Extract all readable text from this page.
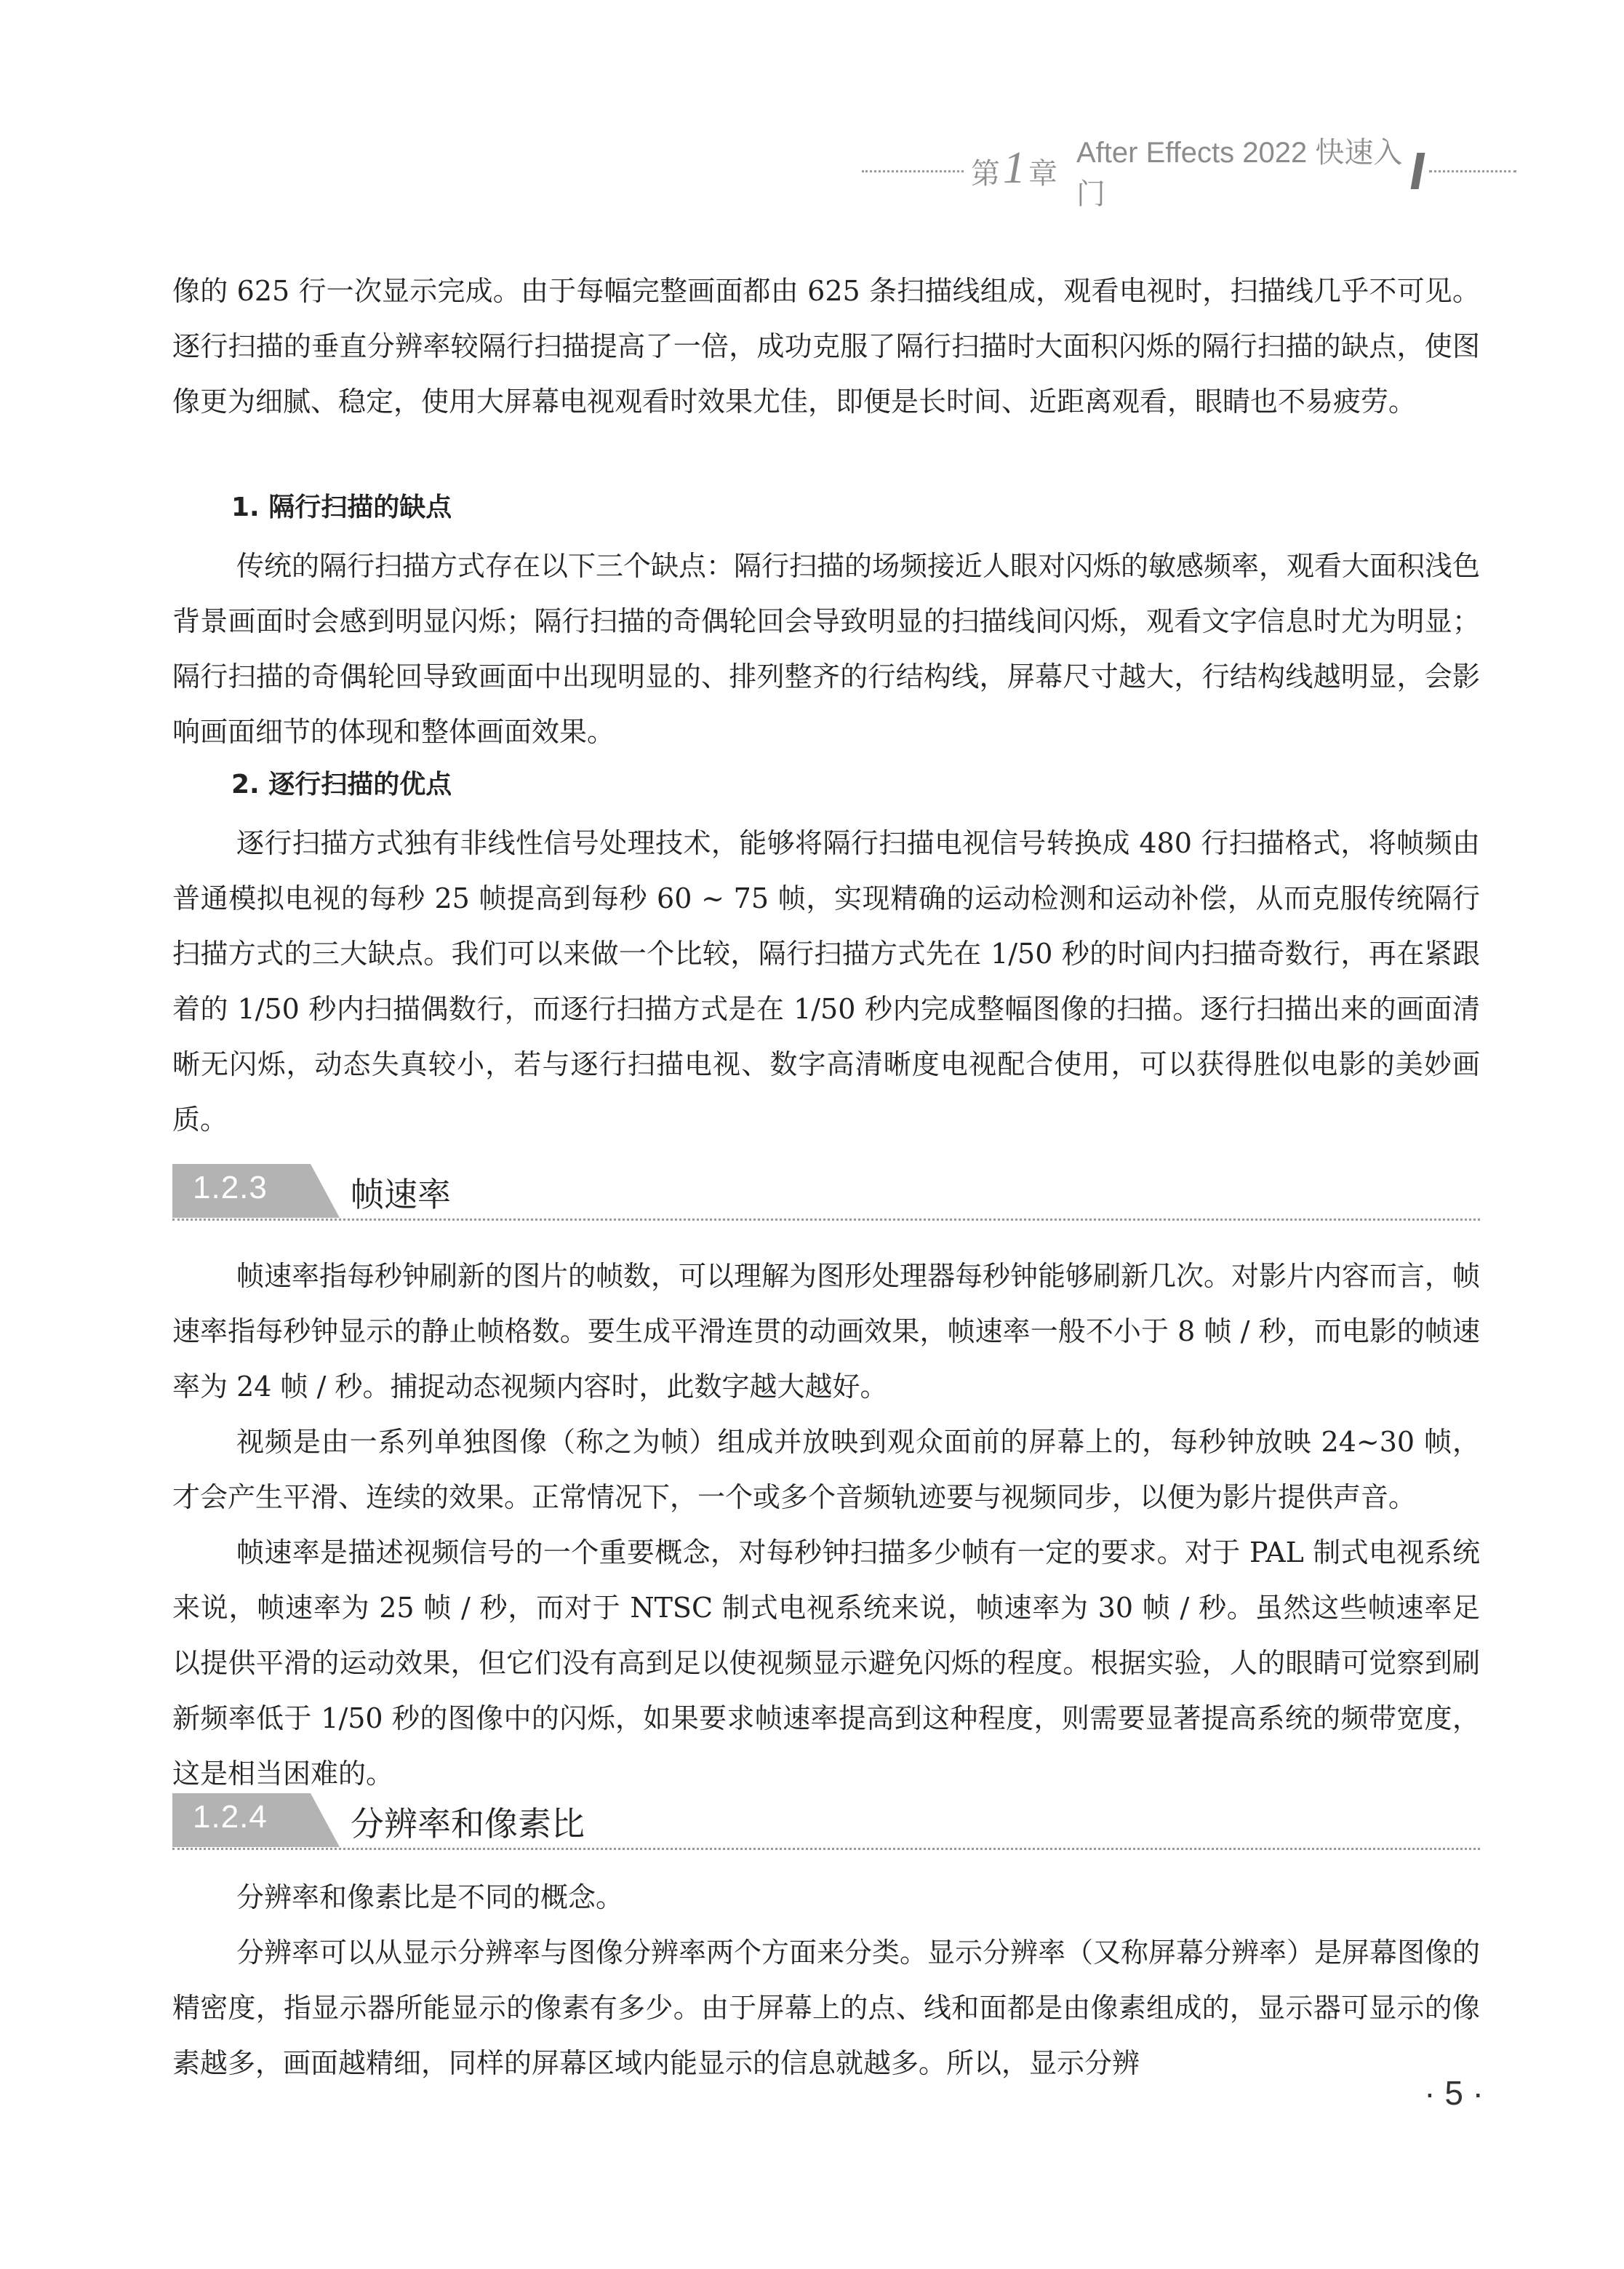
第 1 章
After Effects 2022 快速入门

像的 625 行一次显示完成。由于每幅完整画面都由 625 条扫描线组成，观看电视时，扫描线几乎不可见。逐行扫描的垂直分辨率较隔行扫描提高了一倍，成功克服了隔行扫描时大面积闪烁的隔行扫描的缺点，使图像更为细腻、稳定，使用大屏幕电视观看时效果尤佳，即便是长时间、近距离观看，眼睛也不易疲劳。

1. 隔行扫描的缺点

传统的隔行扫描方式存在以下三个缺点：隔行扫描的场频接近人眼对闪烁的敏感频率，观看大面积浅色背景画面时会感到明显闪烁；隔行扫描的奇偶轮回会导致明显的扫描线间闪烁，观看文字信息时尤为明显；隔行扫描的奇偶轮回导致画面中出现明显的、排列整齐的行结构线，屏幕尺寸越大，行结构线越明显，会影响画面细节的体现和整体画面效果。

2. 逐行扫描的优点

逐行扫描方式独有非线性信号处理技术，能够将隔行扫描电视信号转换成 480 行扫描格式，将帧频由普通模拟电视的每秒 25 帧提高到每秒 60 ~ 75 帧，实现精确的运动检测和运动补偿，从而克服传统隔行扫描方式的三大缺点。我们可以来做一个比较，隔行扫描方式先在 1/50 秒的时间内扫描奇数行，再在紧跟着的 1/50 秒内扫描偶数行，而逐行扫描方式是在 1/50 秒内完成整幅图像的扫描。逐行扫描出来的画面清晰无闪烁，动态失真较小，若与逐行扫描电视、数字高清晰度电视配合使用，可以获得胜似电影的美妙画质。

1.2.3 帧速率

帧速率指每秒钟刷新的图片的帧数，可以理解为图形处理器每秒钟能够刷新几次。对影片内容而言，帧速率指每秒钟显示的静止帧格数。要生成平滑连贯的动画效果，帧速率一般不小于 8 帧 / 秒，而电影的帧速率为 24 帧 / 秒。捕捉动态视频内容时，此数字越大越好。

视频是由一系列单独图像（称之为帧）组成并放映到观众面前的屏幕上的，每秒钟放映 24~30 帧，才会产生平滑、连续的效果。正常情况下，一个或多个音频轨迹要与视频同步，以便为影片提供声音。

帧速率是描述视频信号的一个重要概念，对每秒钟扫描多少帧有一定的要求。对于 PAL 制式电视系统来说，帧速率为 25 帧 / 秒，而对于 NTSC 制式电视系统来说，帧速率为 30 帧 / 秒。虽然这些帧速率足以提供平滑的运动效果，但它们没有高到足以使视频显示避免闪烁的程度。根据实验，人的眼睛可觉察到刷新频率低于 1/50 秒的图像中的闪烁，如果要求帧速率提高到这种程度，则需要显著提高系统的频带宽度，这是相当困难的。

1.2.4 分辨率和像素比

分辨率和像素比是不同的概念。

分辨率可以从显示分辨率与图像分辨率两个方面来分类。显示分辨率（又称屏幕分辨率）是屏幕图像的精密度，指显示器所能显示的像素有多少。由于屏幕上的点、线和面都是由像素组成的，显示器可显示的像素越多，画面越精细，同样的屏幕区域内能显示的信息就越多。所以，显示分辨

· 5 ·
